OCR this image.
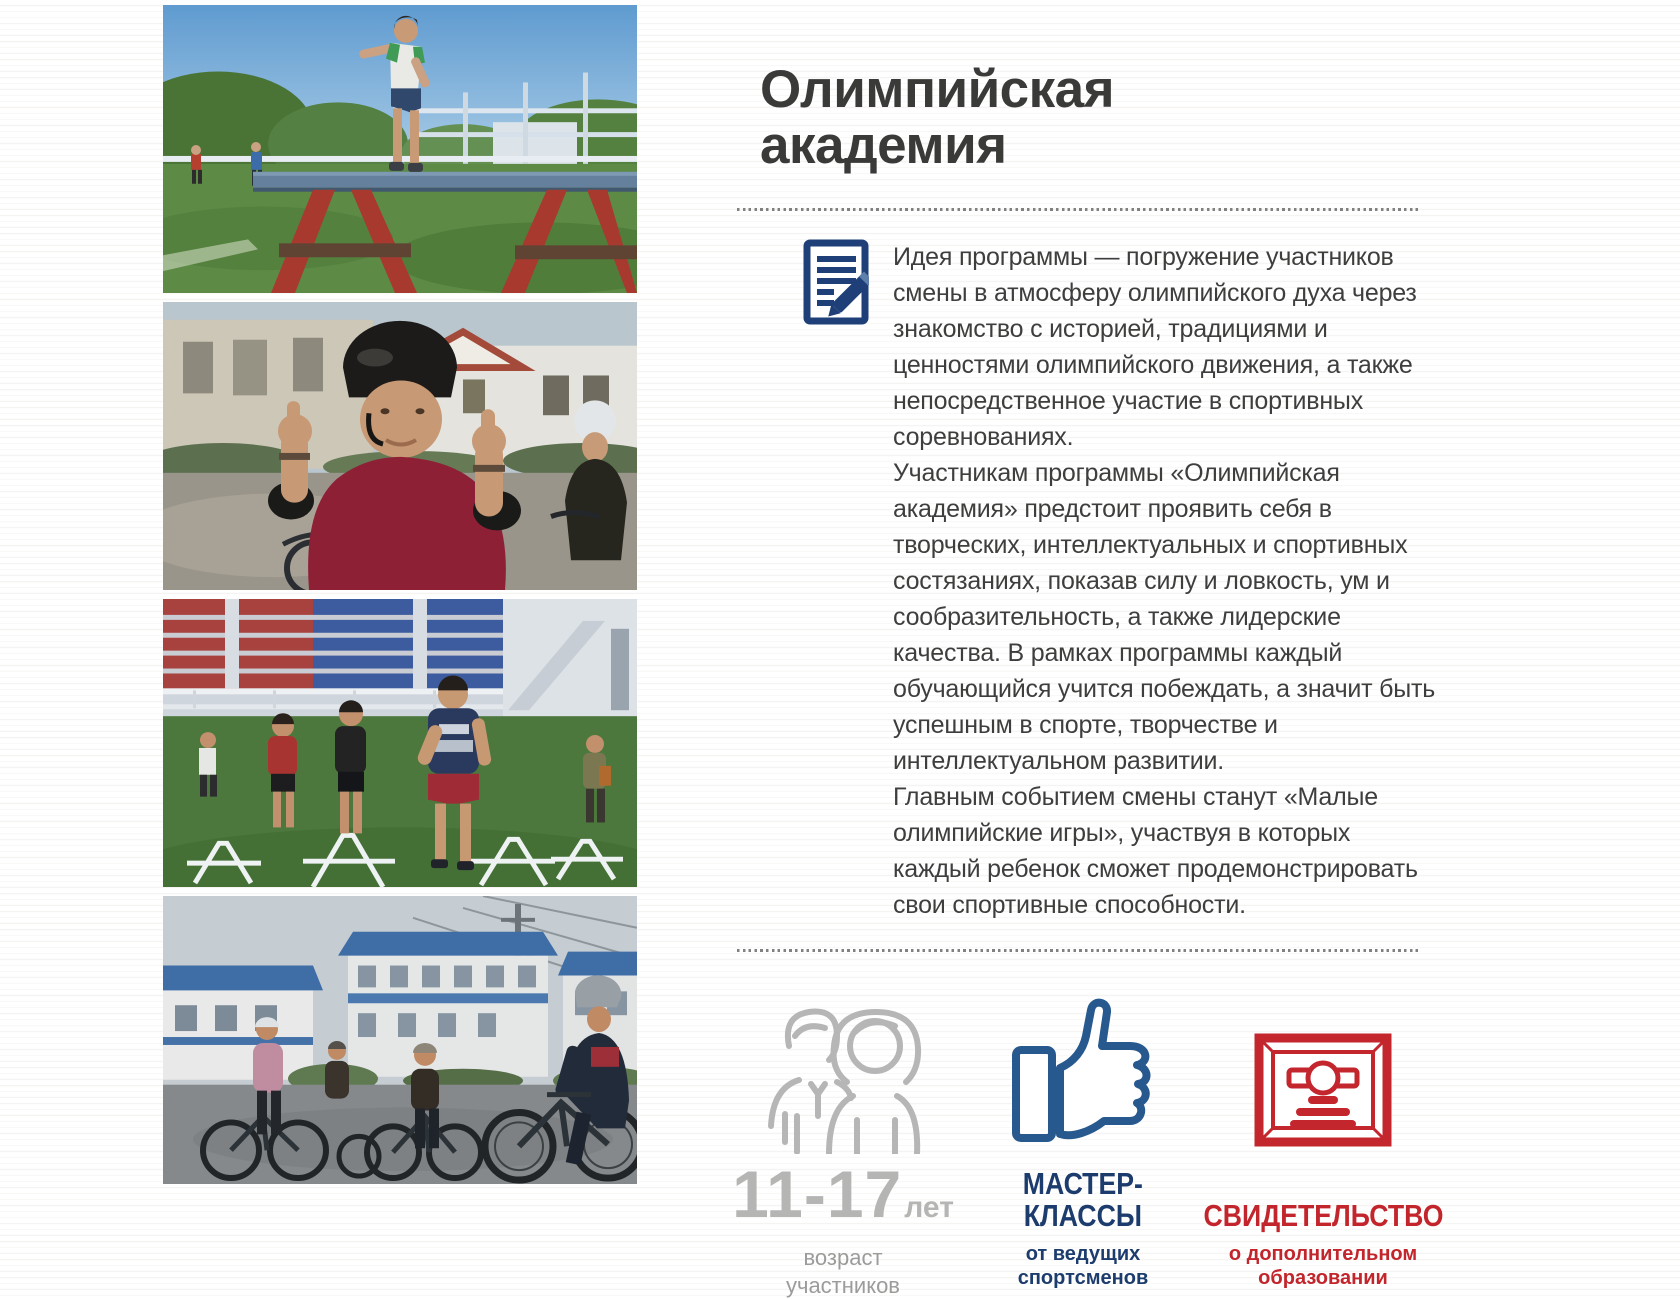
Олимпийская
академия

Идея программы — погружение участников смены в атмосферу олимпийского духа через знакомство с историей, традициями и ценностями олимпийского движения, а также непосредственное участие в спортивных соревнованиях.

Участникам программы «Олимпийская академия» предстоит проявить себя в творческих, интеллектуальных и спортивных состязаниях, показав силу и ловкость, ум и сообразительность, а также лидерские качества. В рамках программы каждый обучающийся учится побеждать, а значит быть успешным в спорте, творчестве и интеллектуальном развитии.

Главным событием смены станут «Малые олимпийские игры», участвуя в которых каждый ребенок сможет продемонстрировать свои спортивные способности.

11-17лет
возраст
участников
МАСТЕР-
КЛАССЫ
от ведущих
спортсменов
СВИДЕТЕЛЬСТВО
о дополнительном
образовании
